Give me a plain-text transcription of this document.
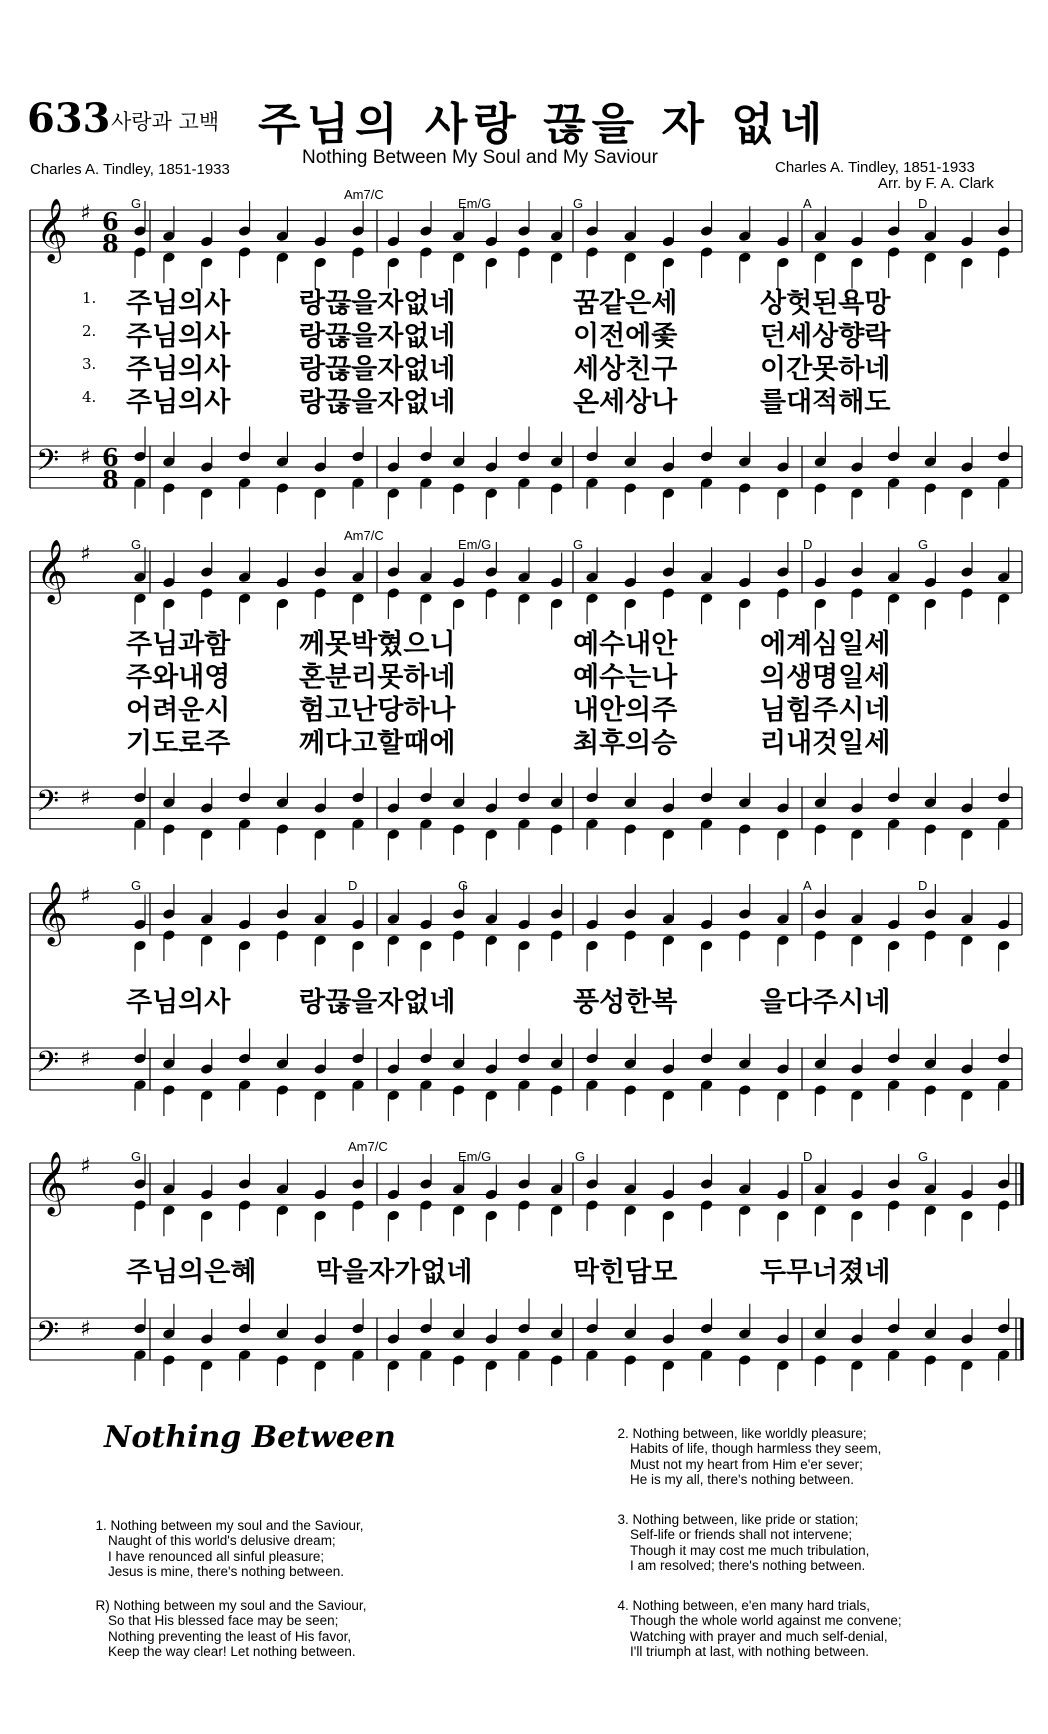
633 사랑과 고백 주님의 사랑 끊을 자 없네
Nothing Between My Soul and My Saviour
Charles A. Tindley, 1851-1933	Charles A. Tindley, 1851-1933
Arr. by F. A. Clark
𝄞 ♯ 6
8
𝄢 ♯ 6
8
𝄞 ♯
𝄢 ♯
𝄞 ♯
𝄢 ♯
𝄞 ♯
𝄢 ♯
G
Am7/C
Em/G	G	A	D
1.
2.
3.
4.
주님의사	랑끊을자없네	꿈같은세	상헛된욕망
주님의사	랑끊을자없네	이전에좇	던세상향락
주님의사	랑끊을자없네	세상친구	이간못하네
주님의사	랑끊을자없네	온세상나	를대적해도
G
Am7/C
Em/G	G	D	G
주님과함	께못박혔으니	예수내안	에계심일세
주와내영	혼분리못하네	예수는나	의생명일세
어려운시	험고난당하나	내안의주	님힘주시네
기도로주	께다고할때에	최후의승	리내것일세
G	D	G	A	D
주님의사	랑끊을자없네	풍성한복	을다주시네
G
Am7/C
Em/G	G	D	G
주님의은혜 막을자가없네	막힌담모	두무너졌네
Nothing Between

1. Nothing between my soul and the Saviour,
Naught of this world's delusive dream;
I have renounced all sinful pleasure;
Jesus is mine, there's nothing between.

R) Nothing between my soul and the Saviour,
So that His blessed face may be seen;
Nothing preventing the least of His favor,
Keep the way clear! Let nothing between.

2. Nothing between, like worldly pleasure;
Habits of life, though harmless they seem,
Must not my heart from Him e'er sever;
He is my all, there's nothing between.

3. Nothing between, like pride or station;
Self-life or friends shall not intervene;
Though it may cost me much tribulation,
I am resolved; there's nothing between.

4. Nothing between, e'en many hard trials,
Though the whole world against me convene;
Watching with prayer and much self-denial,
I'll triumph at last, with nothing between.
